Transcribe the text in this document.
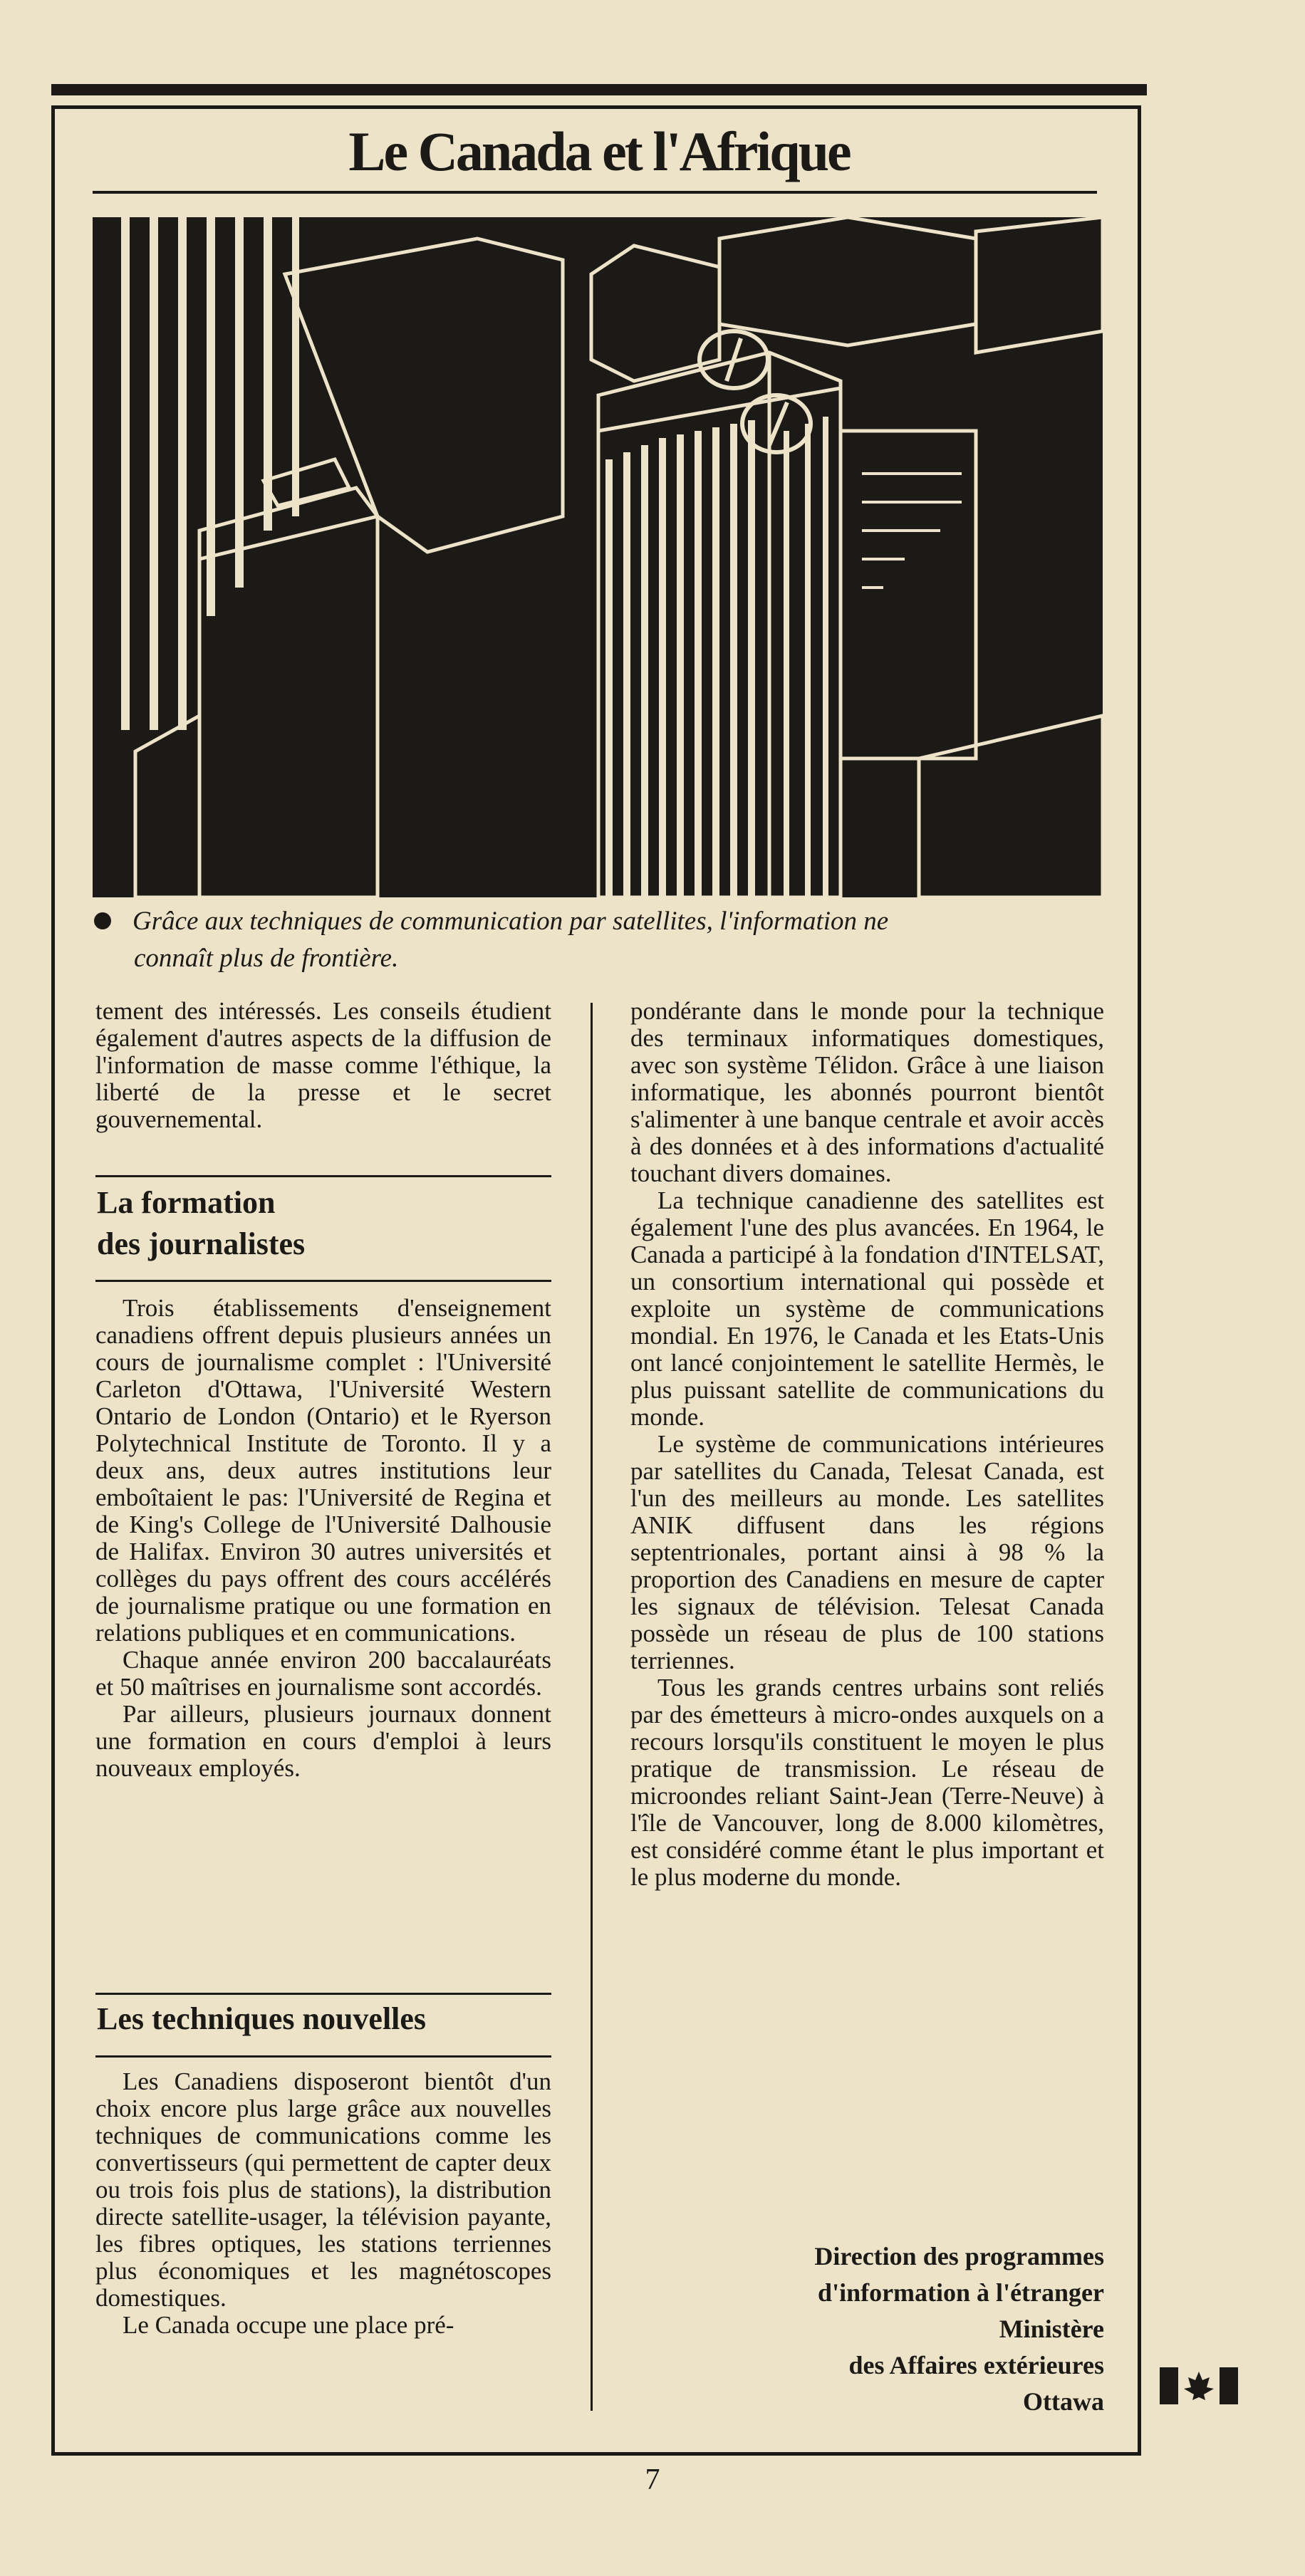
Le Canada et l'Afrique
Grâce aux techniques de communication par satellites, l'information ne
connaît plus de frontière.

tement des intéressés. Les conseils étudient également d'autres aspects de la diffusion de l'information de masse comme l'éthique, la liberté de la presse et le secret gouvernemental.

La formation
des journalistes

Trois établissements d'enseignement canadiens offrent depuis plusieurs années un cours de journalisme complet : l'Université Carleton d'Ottawa, l'Université Western Ontario de London (Ontario) et le Ryerson Polytechnical Institute de Toronto. Il y a deux ans, deux autres institutions leur emboîtaient le pas: l'Université de Regina et de King's College de l'Université Dalhousie de Halifax. Environ 30 autres universités et collèges du pays offrent des cours accélérés de journalisme pratique ou une formation en relations publiques et en communications.

Chaque année environ 200 baccalauréats et 50 maîtrises en journalisme sont accordés.

Par ailleurs, plusieurs journaux donnent une formation en cours d'emploi à leurs nouveaux employés.

Les techniques nouvelles

Les Canadiens disposeront bientôt d'un choix encore plus large grâce aux nouvelles techniques de communications comme les convertisseurs (qui permettent de capter deux ou trois fois plus de stations), la distribution directe satellite-usager, la télévision payante, les fibres optiques, les stations terriennes plus économiques et les magnétoscopes domestiques.

Le Canada occupe une place pré-

pondérante dans le monde pour la technique des terminaux informatiques domestiques, avec son système Télidon. Grâce à une liaison informatique, les abonnés pourront bientôt s'alimenter à une banque centrale et avoir accès à des données et à des informations d'actualité touchant divers domaines.

La technique canadienne des satellites est également l'une des plus avancées. En 1964, le Canada a participé à la fondation d'INTELSAT, un consortium international qui possède et exploite un système de communications mondial. En 1976, le Canada et les Etats-Unis ont lancé conjointement le satellite Hermès, le plus puissant satellite de communications du monde.

Le système de communications intérieures par satellites du Canada, Telesat Canada, est l'un des meilleurs au monde. Les satellites ANIK diffusent dans les régions septentrionales, portant ainsi à 98 % la proportion des Canadiens en mesure de capter les signaux de télévision. Telesat Canada possède un réseau de plus de 100 stations terriennes.

Tous les grands centres urbains sont reliés par des émetteurs à micro-ondes auxquels on a recours lorsqu'ils constituent le moyen le plus pratique de transmission. Le réseau de microondes reliant Saint-Jean (Terre-Neuve) à l'île de Vancouver, long de 8.000 kilomètres, est considéré comme étant le plus important et le plus moderne du monde.

Direction des programmes
d'information à l'étranger
Ministère
des Affaires extérieures
Ottawa
7
